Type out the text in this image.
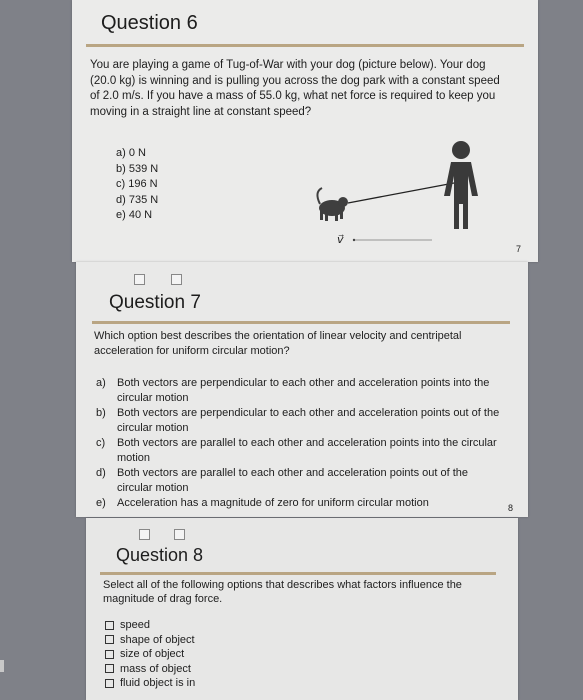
Question 6
You are playing a game of Tug-of-War with your dog (picture below). Your dog (20.0 kg) is winning and is pulling you across the dog park with a constant speed of 2.0 m/s. If you have a mass of 55.0 kg, what net force is required to keep you moving in a straight line at constant speed?
a) 0 N
b) 539 N
c) 196 N
d) 735 N
e) 40 N
v⃗
7
Question 7
Which option best describes the orientation of linear velocity and centripetal acceleration for uniform circular motion?
a)	Both vectors are perpendicular to each other and acceleration points into the circular motion
b)	Both vectors are perpendicular to each other and acceleration points out of the circular motion
c)	Both vectors are parallel to each other and acceleration points into the circular motion
d)	Both vectors are parallel to each other and acceleration points out of the circular motion
e)	Acceleration has a magnitude of zero for uniform circular motion	8
Question 8
Select all of the following options that describes what factors influence the magnitude of drag force.
speed
shape of object
size of object
mass of object
fluid object is in
